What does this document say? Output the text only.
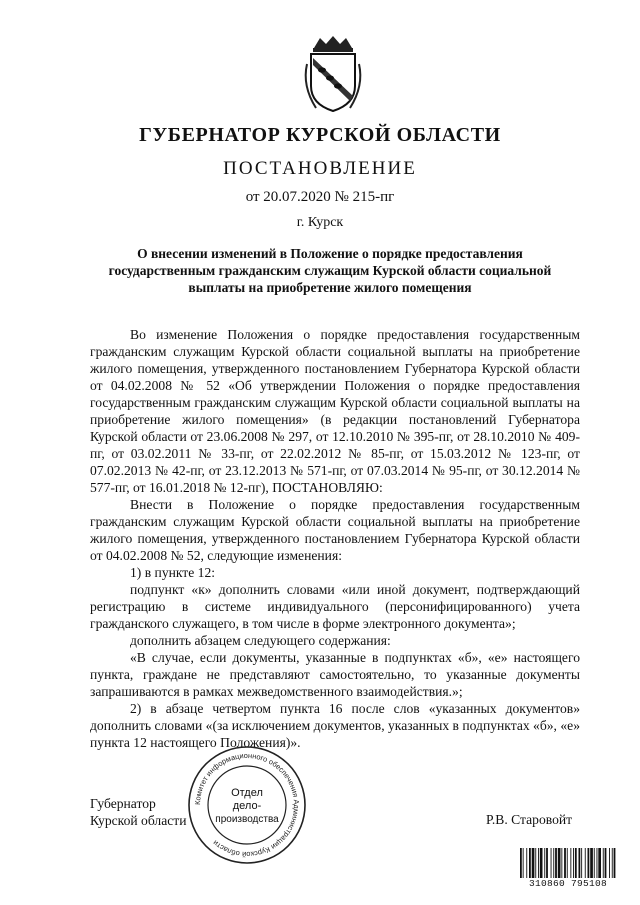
ГУБЕРНАТОР КУРСКОЙ ОБЛАСТИ
ПОСТАНОВЛЕНИЕ
от 20.07.2020 № 215-пг
г. Курск
О внесении изменений в Положение о порядке предоставления
государственным гражданским служащим Курской области социальной
выплаты на приобретение жилого помещения

Во изменение Положения о порядке предоставления государственным гражданским служащим Курской области социальной выплаты на приобретение жилого помещения, утвержденного постановлением Губернатора Курской области от 04.02.2008 № 52 «Об утверждении Положения о порядке предоставления государственным гражданским служащим Курской области социальной выплаты на приобретение жилого помещения» (в редакции постановлений Губернатора Курской области от 23.06.2008 № 297, от 12.10.2010 № 395-пг, от 28.10.2010 № 409-пг, от 03.02.2011 № 33-пг, от 22.02.2012 № 85-пг, от 15.03.2012 № 123-пг, от 07.02.2013 № 42-пг, от 23.12.2013 № 571-пг, от 07.03.2014 № 95-пг, от 30.12.2014 № 577-пг, от 16.01.2018 № 12-пг), ПОСТАНОВЛЯЮ:

Внести в Положение о порядке предоставления государственным гражданским служащим Курской области социальной выплаты на приобретение жилого помещения, утвержденного постановлением Губернатора Курской области от 04.02.2008 № 52, следующие изменения:

1) в пункте 12:

подпункт «к» дополнить словами «или иной документ, подтверждающий регистрацию в системе индивидуального (персонифицированного) учета гражданского служащего, в том числе в форме электронного документа»;

дополнить абзацем следующего содержания:

«В случае, если документы, указанные в подпунктах «б», «е» настоящего пункта, граждане не представляют самостоятельно, то указанные документы запрашиваются в рамках межведомственного взаимодействия.»;

2) в абзаце четвертом пункта 16 после слов «указанных документов» дополнить словами «(за исключением документов, указанных в подпунктах «б», «е» пункта 12 настоящего Положения)».

Губернатор
Курской области	Р.В. Старовойт
Комитет информационного обеспечения Администрации Курской области
Отдел
дело-
производства
310860 795108
